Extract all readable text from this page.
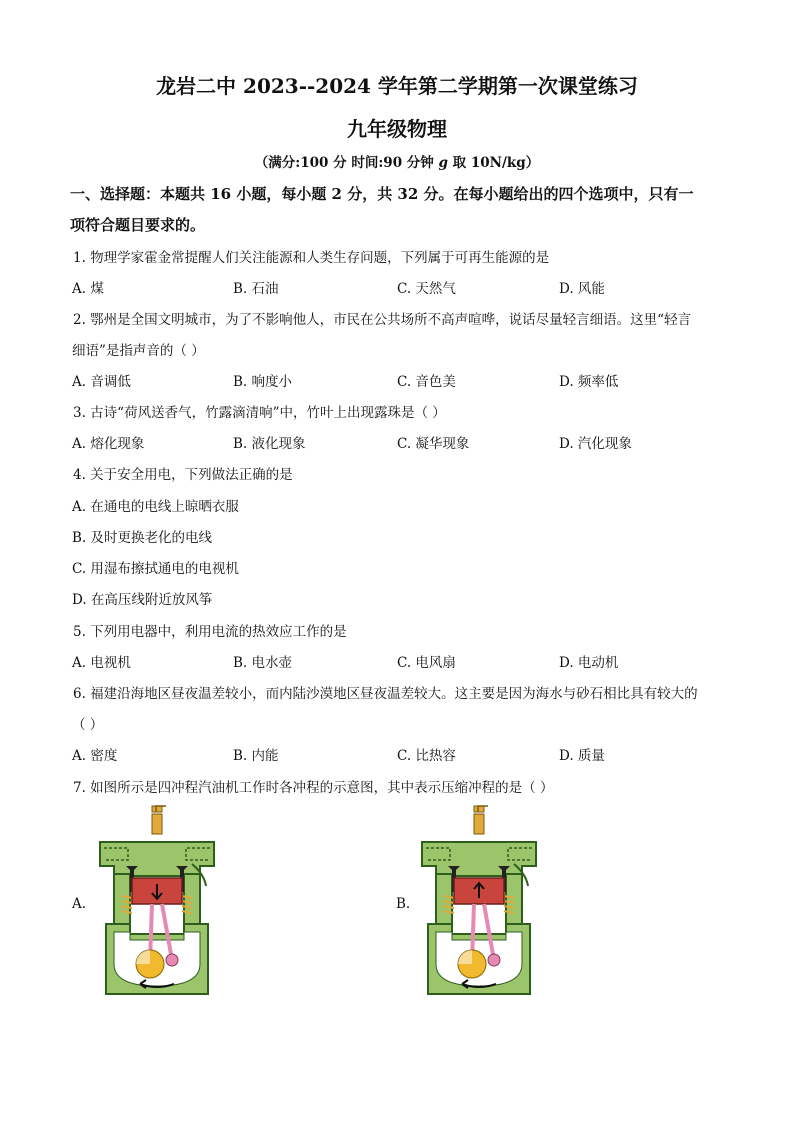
龙岩二中 2023--2024 学年第二学期第一次课堂练习
九年级物理
（满分:100 分 时间:90 分钟 g 取 10N/kg）
一、选择题：本题共 16 小题，每小题 2 分，共 32 分。在每小题给出的四个选项中，只有一
项符合题目要求的。
1. 物理学家霍金常提醒人们关注能源和人类生存问题，下列属于可再生能源的是
A. 煤	B. 石油	C. 天然气	D. 风能
2. 鄂州是全国文明城市，为了不影响他人，市民在公共场所不高声喧哗，说话尽量轻言细语。这里“轻言
细语”是指声音的（ ）
A. 音调低	B. 响度小	C. 音色美	D. 频率低
3. 古诗“荷风送香气，竹露滴清响”中，竹叶上出现露珠是（ ）
A. 熔化现象	B. 液化现象	C. 凝华现象	D. 汽化现象
4. 关于安全用电，下列做法正确的是
A. 在通电的电线上晾晒衣服
B. 及时更换老化的电线
C. 用湿布擦拭通电的电视机
D. 在高压线附近放风筝
5. 下列用电器中，利用电流的热效应工作的是
A. 电视机	B. 电水壶	C. 电风扇	D. 电动机
6. 福建沿海地区昼夜温差较小，而内陆沙漠地区昼夜温差较大。这主要是因为海水与砂石相比具有较大的
（ ）
A. 密度	B. 内能	C. 比热容	D. 质量
7. 如图所示是四冲程汽油机工作时各冲程的示意图，其中表示压缩冲程的是（ ）
A.	B.
